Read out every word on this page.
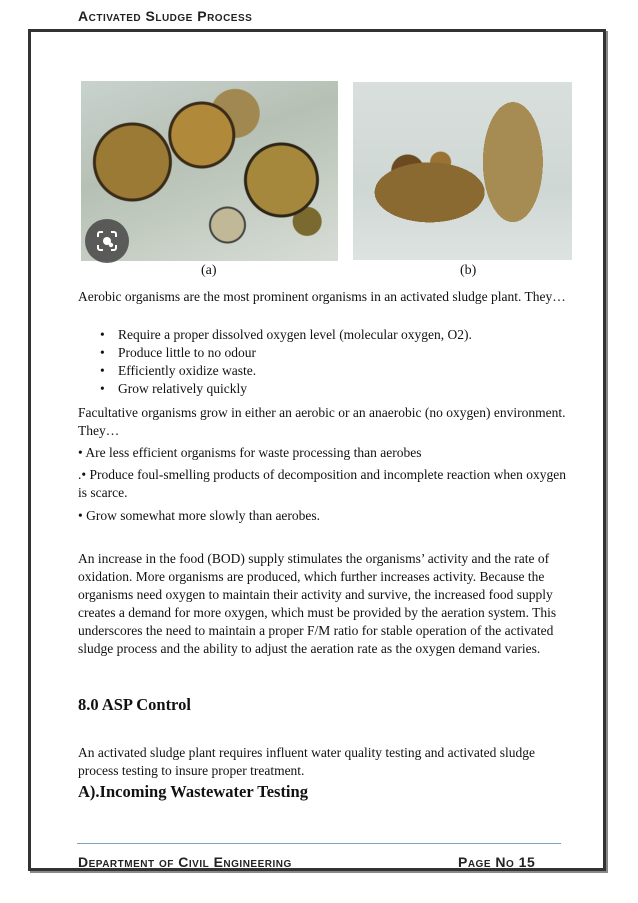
Activated Sludge Process
(a)	(b)

Aerobic organisms are the most prominent organisms in an activated sludge plant. They…

• Require a proper dissolved oxygen level (molecular oxygen, O2).
• Produce little to no odour
• Efficiently oxidize waste.
• Grow relatively quickly

Facultative organisms grow in either an aerobic or an anaerobic (no oxygen) environment. They…

• Are less efficient organisms for waste processing than aerobes

.• Produce foul-smelling products of decomposition and incomplete reaction when oxygen is scarce.

• Grow somewhat more slowly than aerobes.

An increase in the food (BOD) supply stimulates the organisms’ activity and the rate of oxidation. More organisms are produced, which further increases activity. Because the organisms need oxygen to maintain their activity and survive, the increased food supply creates a demand for more oxygen, which must be provided by the aeration system. This underscores the need to maintain a proper F/M ratio for stable operation of the activated sludge process and the ability to adjust the aeration rate as the oxygen demand varies.

8.0 ASP Control

An activated sludge plant requires influent water quality testing and activated sludge process testing to insure proper treatment.

A).Incoming Wastewater Testing
Department of Civil Engineering	Page No 15
